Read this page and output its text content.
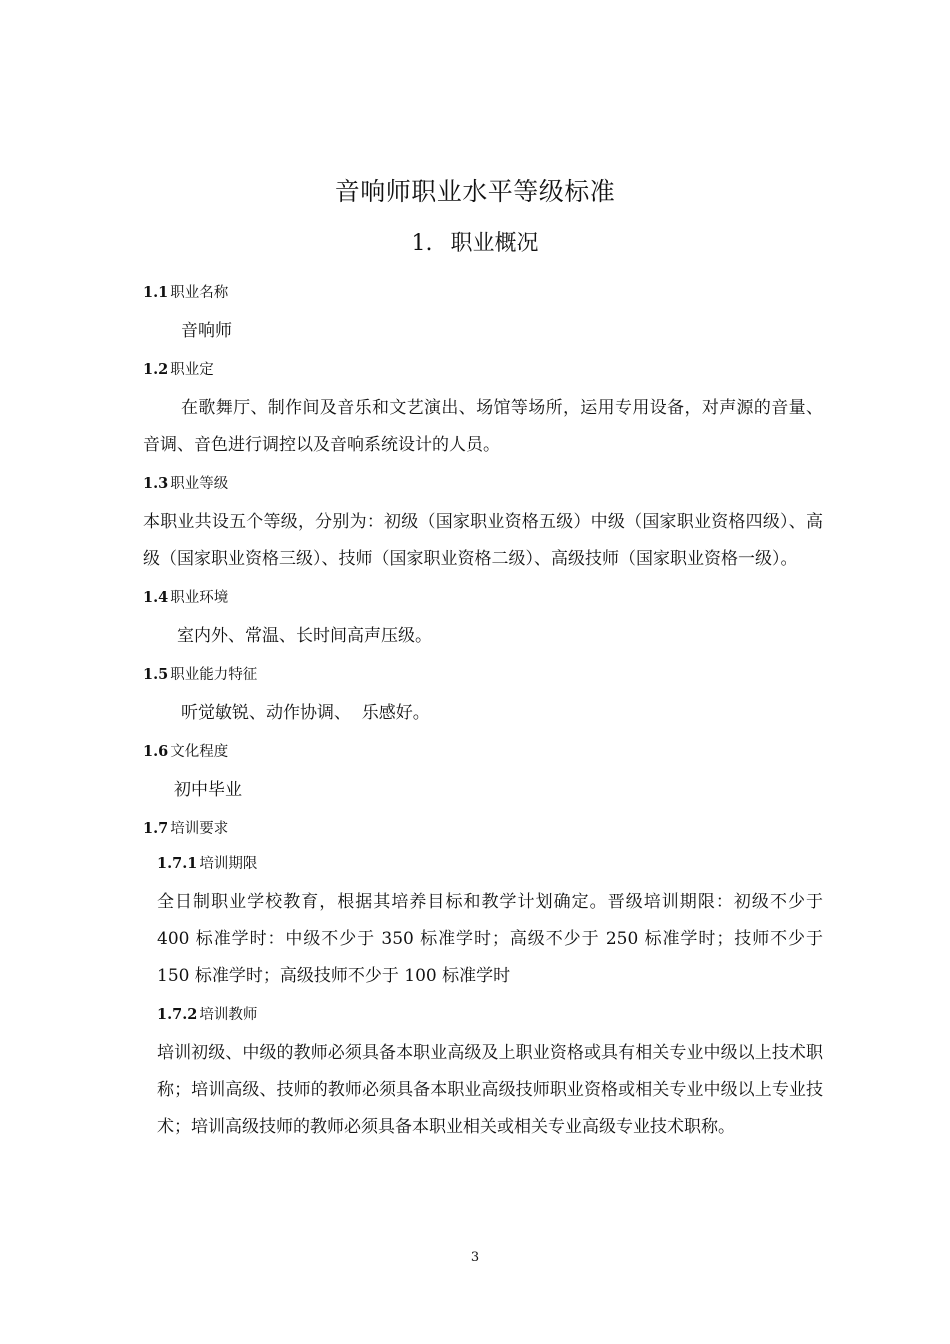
音响师职业水平等级标准
1. 职业概况
1.1 职业名称
音响师
1.2 职业定
在歌舞厅、制作间及音乐和文艺演出、场馆等场所，运用专用设备，对声源的音量、音调、音色进行调控以及音响系统设计的人员。
1.3 职业等级
本职业共设五个等级，分别为：初级（国家职业资格五级）中级（国家职业资格四级）、高级（国家职业资格三级）、技师（国家职业资格二级）、高级技师（国家职业资格一级）。
1.4 职业环境
室内外、常温、长时间高声压级。
1.5 职业能力特征
听觉敏锐、动作协调、  乐感好。
1.6 文化程度
初中毕业
1.7 培训要求
1.7.1 培训期限
全日制职业学校教育，根据其培养目标和教学计划确定。晋级培训期限：初级不少于 400 标准学时：中级不少于 350 标准学时；高级不少于 250 标准学时；技师不少于 150 标准学时；高级技师不少于 100 标准学时
1.7.2 培训教师
培训初级、中级的教师必须具备本职业高级及上职业资格或具有相关专业中级以上技术职称；培训高级、技师的教师必须具备本职业高级技师职业资格或相关专业中级以上专业技术；培训高级技师的教师必须具备本职业相关或相关专业高级专业技术职称。
3
